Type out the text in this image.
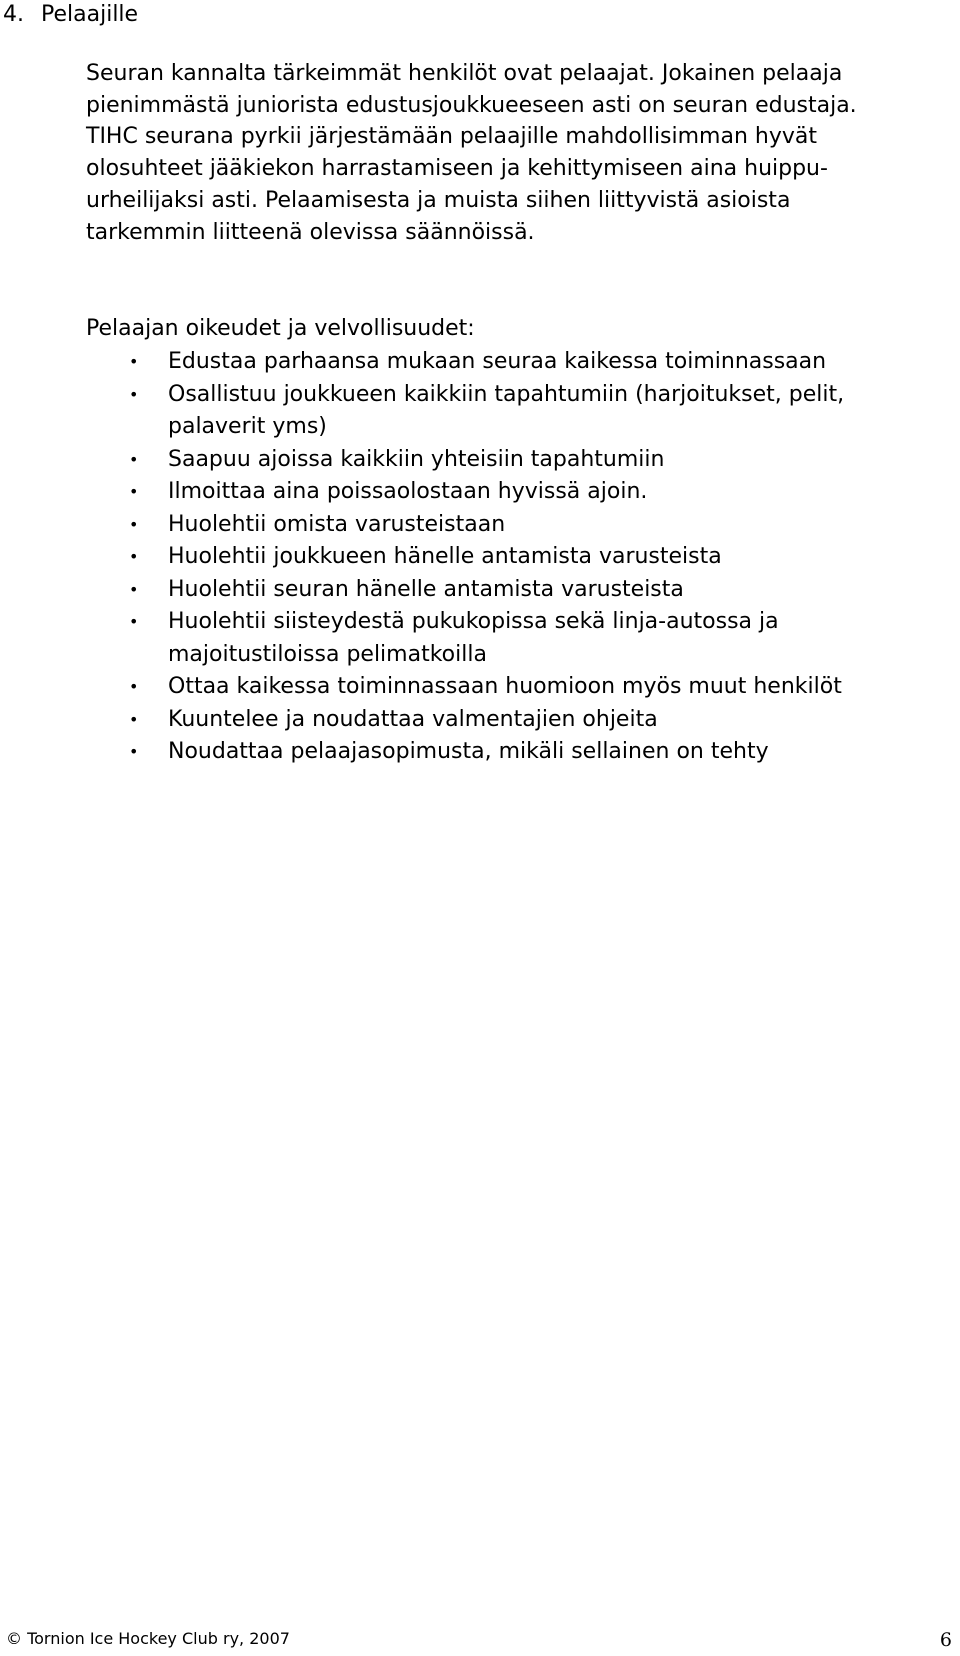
4. Pelaajille

Seuran kannalta tärkeimmät henkilöt ovat pelaajat. Jokainen pelaaja pienimmästä juniorista edustusjoukkueeseen asti on seuran edustaja. TIHC seurana pyrkii järjestämään pelaajille mahdollisimman hyvät olosuhteet jääkiekon harrastamiseen ja kehittymiseen aina huippu-urheilijaksi asti. Pelaamisesta ja muista siihen liittyvistä asioista tarkemmin liitteenä olevissa säännöissä.

Pelaajan oikeudet ja velvollisuudet:

• Edustaa parhaansa mukaan seuraa kaikessa toiminnassaan
• Osallistuu joukkueen kaikkiin tapahtumiin (harjoitukset, pelit, palaverit yms)
• Saapuu ajoissa kaikkiin yhteisiin tapahtumiin
• Ilmoittaa aina poissaolostaan hyvissä ajoin.
• Huolehtii omista varusteistaan
• Huolehtii joukkueen hänelle antamista varusteista
• Huolehtii seuran hänelle antamista varusteista
• Huolehtii siisteydestä pukukopissa sekä linja-autossa ja majoitustiloissa pelimatkoilla
• Ottaa kaikessa toiminnassaan huomioon myös muut henkilöt
• Kuuntelee ja noudattaa valmentajien ohjeita
• Noudattaa pelaajasopimusta, mikäli sellainen on tehty
© Tornion Ice Hockey Club ry, 2007	6
